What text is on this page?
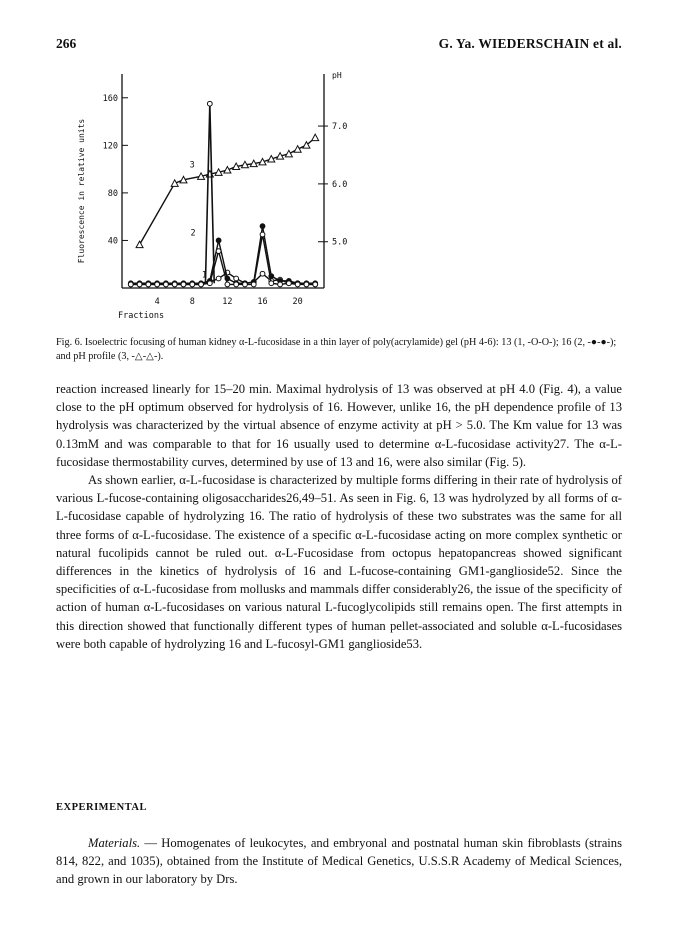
266	G. Ya. WIEDERSCHAIN et al.
40
80
120
160
5.0
6.0
7.0
4	8	12	16	20
Fluorescence in relative units
Fractions
pH
1
2
3
Fig. 6. Isoelectric focusing of human kidney α-L-fucosidase in a thin layer of poly(acrylamide) gel (pH 4-6): 13 (1, -O-O-); 16 (2, -●-●-); and pH profile (3, -△-△-).

reaction increased linearly for 15–20 min. Maximal hydrolysis of 13 was observed at pH 4.0 (Fig. 4), a value close to the pH optimum observed for hydrolysis of 16. However, unlike 16, the pH dependence profile of 13 hydrolysis was characterized by the virtual absence of enzyme activity at pH > 5.0. The Km value for 13 was 0.13mM and was comparable to that for 16 usually used to determine α-L-fucosidase activity27. The α-L-fucosidase thermostability curves, determined by use of 13 and 16, were also similar (Fig. 5).

As shown earlier, α-L-fucosidase is characterized by multiple forms differing in their rate of hydrolysis of various L-fucose-containing oligosaccharides26,49–51. As seen in Fig. 6, 13 was hydrolyzed by all forms of α-L-fucosidase capable of hydrolyzing 16. The ratio of hydrolysis of these two substrates was the same for all three forms of α-L-fucosidase. The existence of a specific α-L-fucosidase acting on more complex synthetic or natural fucolipids cannot be ruled out. α-L-Fucosidase from octopus hepatopancreas showed significant differences in the kinetics of hydrolysis of 16 and L-fucose-containing GM1-ganglioside52. Since the specificities of α-L-fucosidase from mollusks and mammals differ considerably26, the issue of the specificity of action of human α-L-fucosidases on various natural L-fucoglycolipids still remains open. The first attempts in this direction showed that functionally different types of human pellet-associated and soluble α-L-fucosidases were both capable of hydrolyzing 16 and L-fucosyl-GM1 ganglioside53.

EXPERIMENTAL
Materials. — Homogenates of leukocytes, and embryonal and postnatal human skin fibroblasts (strains 814, 822, and 1035), obtained from the Institute of Medical Genetics, U.S.S.R Academy of Medical Sciences, and grown in our laboratory by Drs.
